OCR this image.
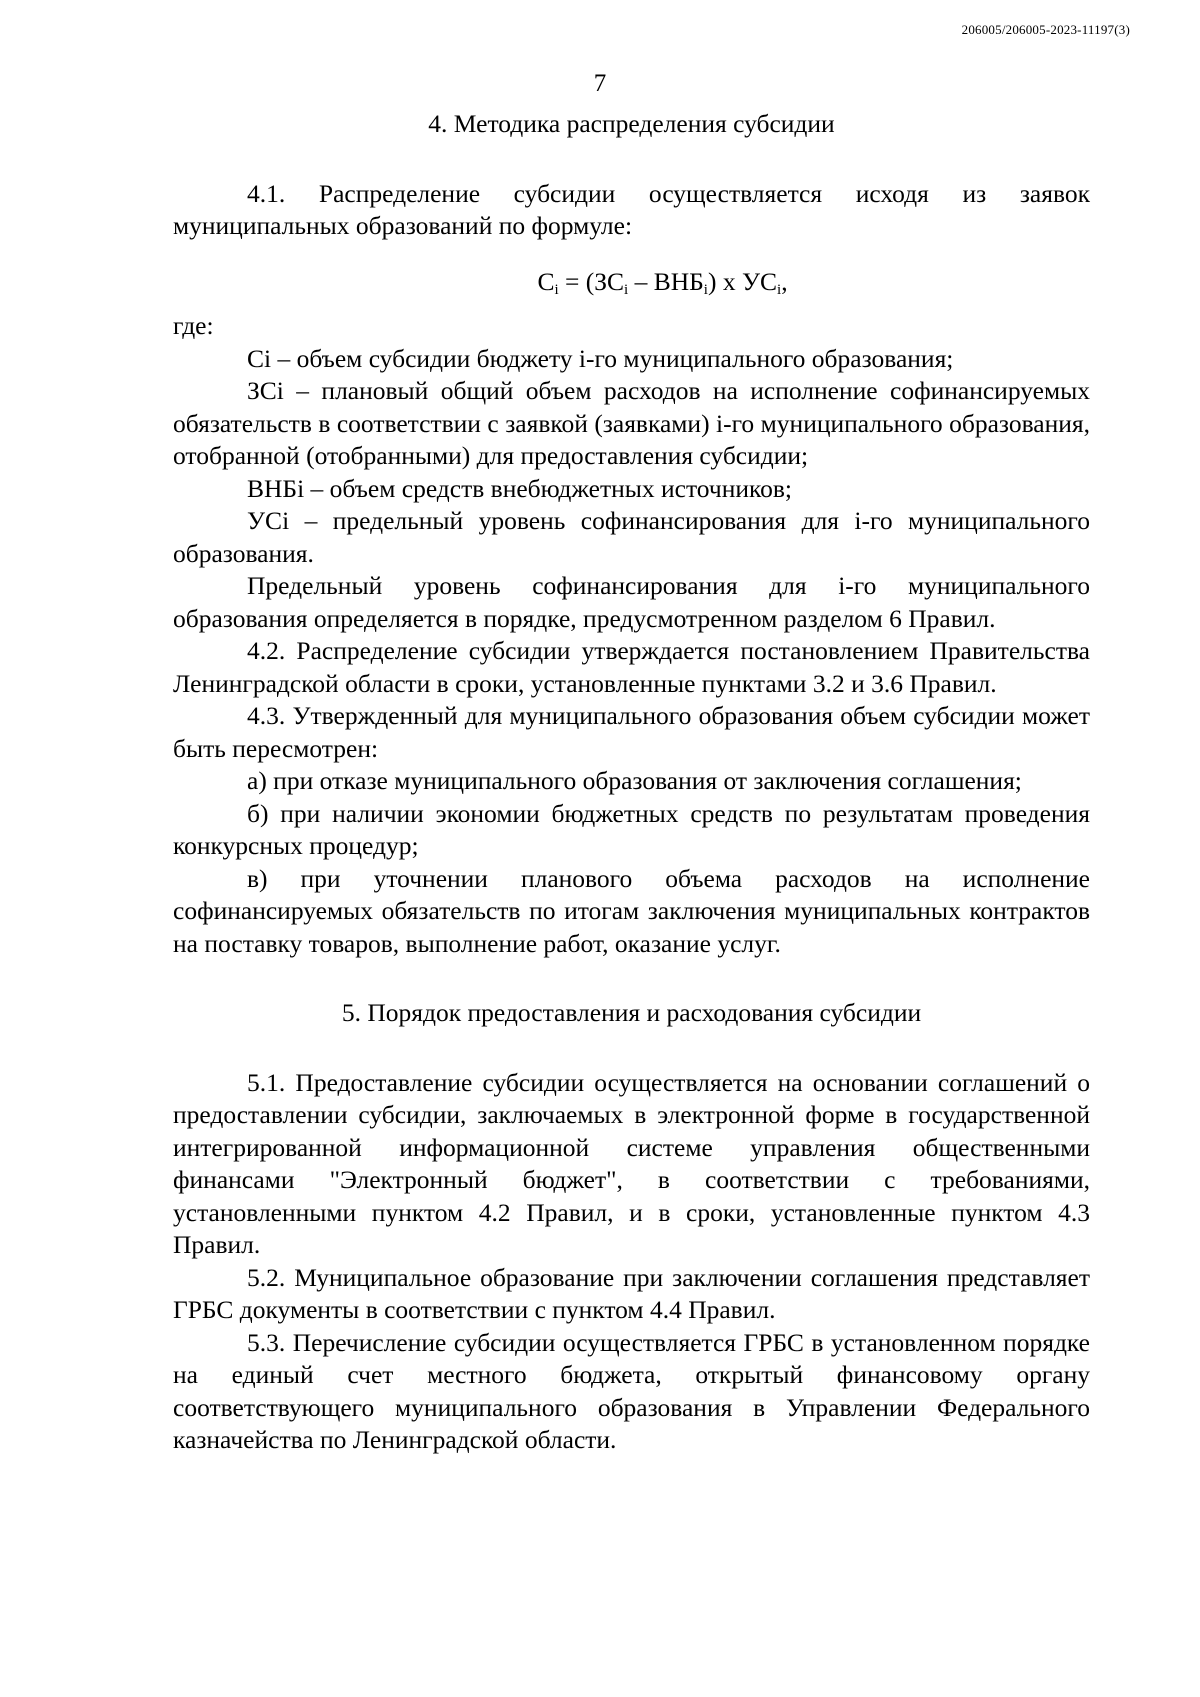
206005/206005-2023-11197(3)
7

4. Методика распределения субсидии

4.1. Распределение субсидии осуществляется исходя из заявок муниципальных образований по формуле:

$C_i = (ЗС_i - ВНБ_i)$ х $УС_i$,

где:

Ci – объем субсидии бюджету i-го муниципального образования;

ЗСi – плановый общий объем расходов на исполнение софинансируемых обязательств в соответствии с заявкой (заявками) i-го муниципального образования, отобранной (отобранными) для предоставления субсидии;

ВНБi – объем средств внебюджетных источников;

УСi – предельный уровень софинансирования для i-го муниципального образования.

Предельный уровень софинансирования для i-го муниципального образования определяется в порядке, предусмотренном разделом 6 Правил.

4.2. Распределение субсидии утверждается постановлением Правительства Ленинградской области в сроки, установленные пунктами 3.2 и 3.6 Правил.

4.3. Утвержденный для муниципального образования объем субсидии может быть пересмотрен:

а) при отказе муниципального образования от заключения соглашения;

б) при наличии экономии бюджетных средств по результатам проведения конкурсных процедур;

в) при уточнении планового объема расходов на исполнение софинансируемых обязательств по итогам заключения муниципальных контрактов на поставку товаров, выполнение работ, оказание услуг.

5. Порядок предоставления и расходования субсидии

5.1. Предоставление субсидии осуществляется на основании соглашений о предоставлении субсидии, заключаемых в электронной форме в государственной интегрированной информационной системе управления общественными финансами "Электронный бюджет", в соответствии с требованиями, установленными пунктом 4.2 Правил, и в сроки, установленные пунктом 4.3 Правил.

5.2. Муниципальное образование при заключении соглашения представляет ГРБС документы в соответствии с пунктом 4.4 Правил.

5.3. Перечисление субсидии осуществляется ГРБС в установленном порядке на единый счет местного бюджета, открытый финансовому органу соответствующего муниципального образования в Управлении Федерального казначейства по Ленинградской области.
